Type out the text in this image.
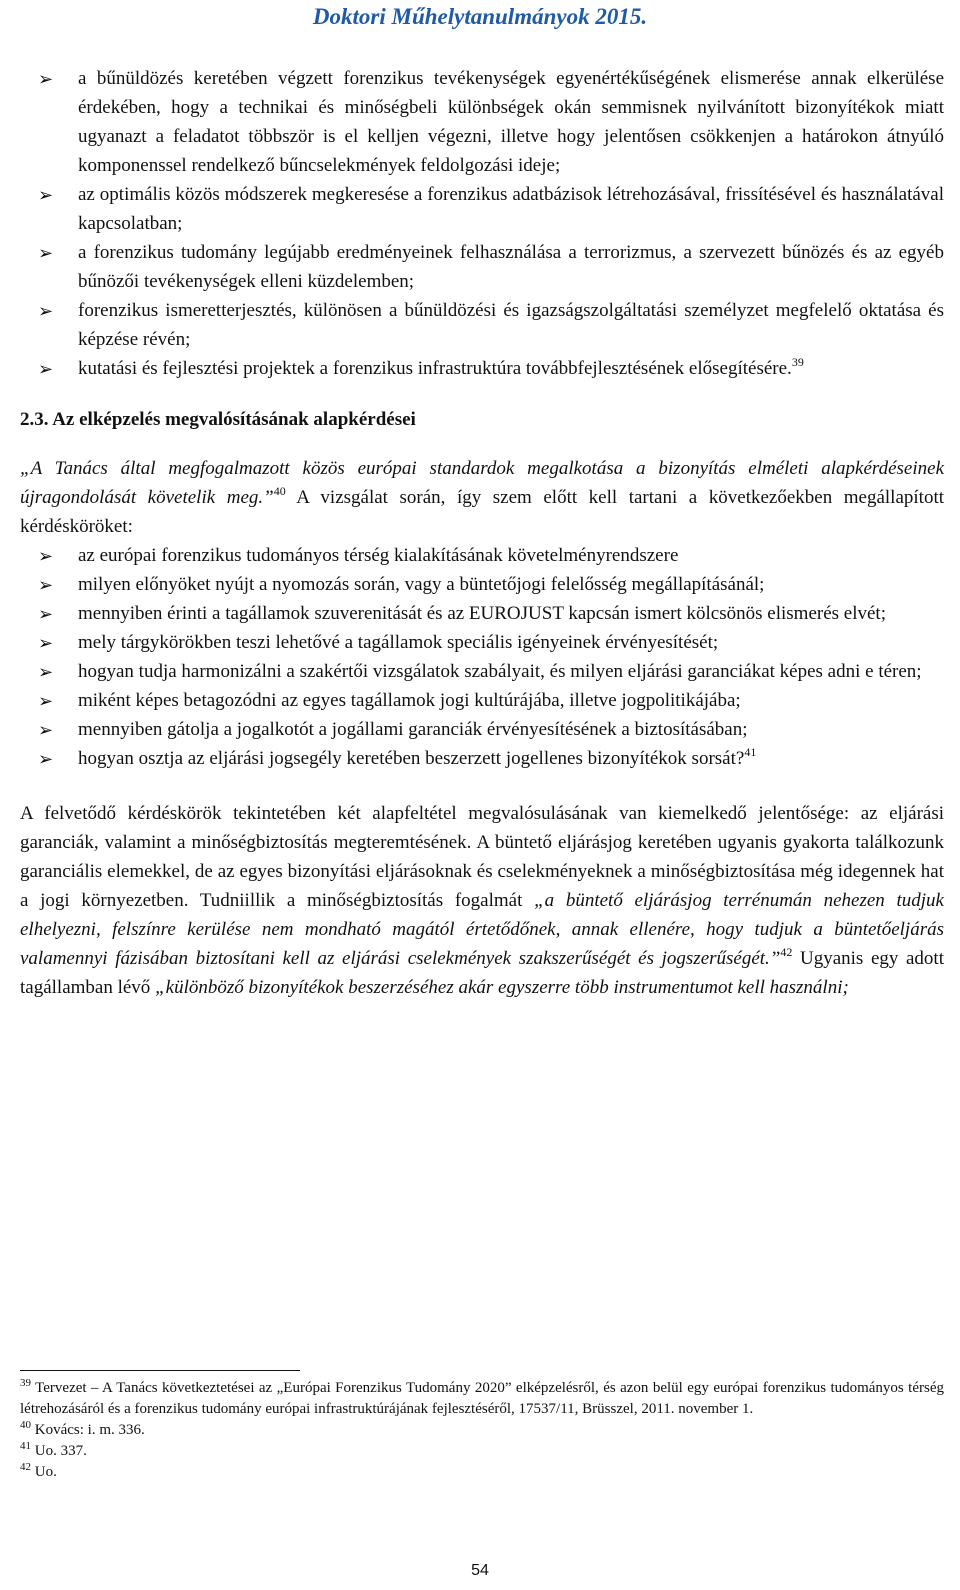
Doktori Műhelytanulmányok 2015.
➢ a bűnüldözés keretében végzett forenzikus tevékenységek egyenértékűségének elismerése annak elkerülése érdekében, hogy a technikai és minőségbeli különbségek okán semmisnek nyilvánított bizonyítékok miatt ugyanazt a feladatot többször is el kelljen végezni, illetve hogy jelentősen csökkenjen a határokon átnyúló komponenssel rendelkező bűncselekmények feldolgozási ideje;
➢ az optimális közös módszerek megkeresése a forenzikus adatbázisok létrehozásával, frissítésével és használatával kapcsolatban;
➢ a forenzikus tudomány legújabb eredményeinek felhasználása a terrorizmus, a szervezett bűnözés és az egyéb bűnözői tevékenységek elleni küzdelemben;
➢ forenzikus ismeretterjesztés, különösen a bűnüldözési és igazságszolgáltatási személyzet megfelelő oktatása és képzése révén;
➢ kutatási és fejlesztési projektek a forenzikus infrastruktúra továbbfejlesztésének elősegítésére.$^{39}$
2.3. Az elképzelés megvalósításának alapkérdései

„A Tanács által megfogalmazott közös európai standardok megalkotása a bizonyítás elméleti alapkérdéseinek újragondolását követelik meg.”$^{40}$ A vizsgálat során, így szem előtt kell tartani a következőekben megállapított kérdésköröket:

➢ az európai forenzikus tudományos térség kialakításának követelményrendszere
➢ milyen előnyöket nyújt a nyomozás során, vagy a büntetőjogi felelősség megállapításánál;
➢ mennyiben érinti a tagállamok szuverenitását és az EUROJUST kapcsán ismert kölcsönös elismerés elvét;
➢ mely tárgykörökben teszi lehetővé a tagállamok speciális igényeinek érvényesítését;
➢ hogyan tudja harmonizálni a szakértői vizsgálatok szabályait, és milyen eljárási garanciákat képes adni e téren;
➢ miként képes betagozódni az egyes tagállamok jogi kultúrájába, illetve jogpolitikájába;
➢ mennyiben gátolja a jogalkotót a jogállami garanciák érvényesítésének a biztosításában;
➢ hogyan osztja az eljárási jogsegély keretében beszerzett jogellenes bizonyítékok sorsát?$^{41}$

A felvetődő kérdéskörök tekintetében két alapfeltétel megvalósulásának van kiemelkedő jelentősége: az eljárási garanciák, valamint a minőségbiztosítás megteremtésének. A büntető eljárásjog keretében ugyanis gyakorta találkozunk garanciális elemekkel, de az egyes bizonyítási eljárásoknak és cselekményeknek a minőségbiztosítása még idegennek hat a jogi környezetben. Tudniillik a minőségbiztosítás fogalmát „a büntető eljárásjog terrénumán nehezen tudjuk elhelyezni, felszínre kerülése nem mondható magától értetődőnek, annak ellenére, hogy tudjuk a büntetőeljárás valamennyi fázisában biztosítani kell az eljárási cselekmények szakszerűségét és jogszerűségét.”$^{42}$ Ugyanis egy adott tagállamban lévő „különböző bizonyítékok beszerzéséhez akár egyszerre több instrumentumot kell használni;

$^{39}$ Tervezet – A Tanács következtetései az „Európai Forenzikus Tudomány 2020” elképzelésről, és azon belül egy európai forenzikus tudományos térség létrehozásáról és a forenzikus tudomány európai infrastruktúrájának fejlesztéséről, 17537/11, Brüsszel, 2011. november 1.

$^{40}$ Kovács: i. m. 336.

$^{41}$ Uo. 337.

$^{42}$ Uo.

54
